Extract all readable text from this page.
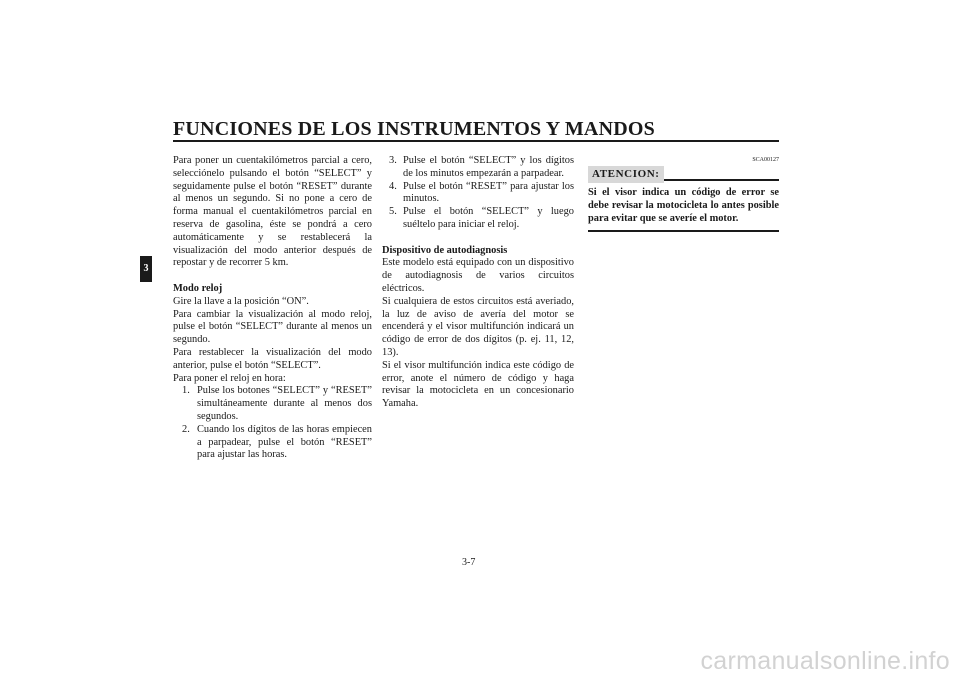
FUNCIONES DE LOS INSTRUMENTOS Y MANDOS
3

Para poner un cuentakilómetros parcial a cero, selecciónelo pulsando el botón “SELECT” y seguidamente pulse el botón “RESET” durante al menos un segundo. Si no pone a cero de forma manual el cuentakilómetros parcial en reserva de gasolina, éste se pondrá a cero automáticamente y se restablecerá la visualización del modo anterior después de repostar y de recorrer 5 km.

Modo reloj

Gire la llave a la posición “ON”.

Para cambiar la visualización al modo reloj, pulse el botón “SELECT” durante al menos un segundo.

Para restablecer la visualización del modo anterior, pulse el botón “SELECT”.

Para poner el reloj en hora:

1. Pulse los botones “SELECT” y “RESET” simultáneamente durante al menos dos segundos.
2. Cuando los dígitos de las horas empiecen a parpadear, pulse el botón “RESET” para ajustar las horas.
3. Pulse el botón “SELECT” y los dígitos de los minutos empezarán a parpadear.
4. Pulse el botón “RESET” para ajustar los minutos.
5. Pulse el botón “SELECT” y luego suéltelo para iniciar el reloj.

Dispositivo de autodiagnosis

Este modelo está equipado con un dispositivo de autodiagnosis de varios circuitos eléctricos.

Si cualquiera de estos circuitos está averiado, la luz de aviso de avería del motor se encenderá y el visor multifunción indicará un código de error de dos dígitos (p. ej. 11, 12, 13).

Si el visor multifunción indica este código de error, anote el número de código y haga revisar la motocicleta en un concesionario Yamaha.

SCA00127
ATENCION:

Si el visor indica un código de error se debe revisar la motocicleta lo antes posible para evitar que se averíe el motor.

3-7
carmanualsonline.info
